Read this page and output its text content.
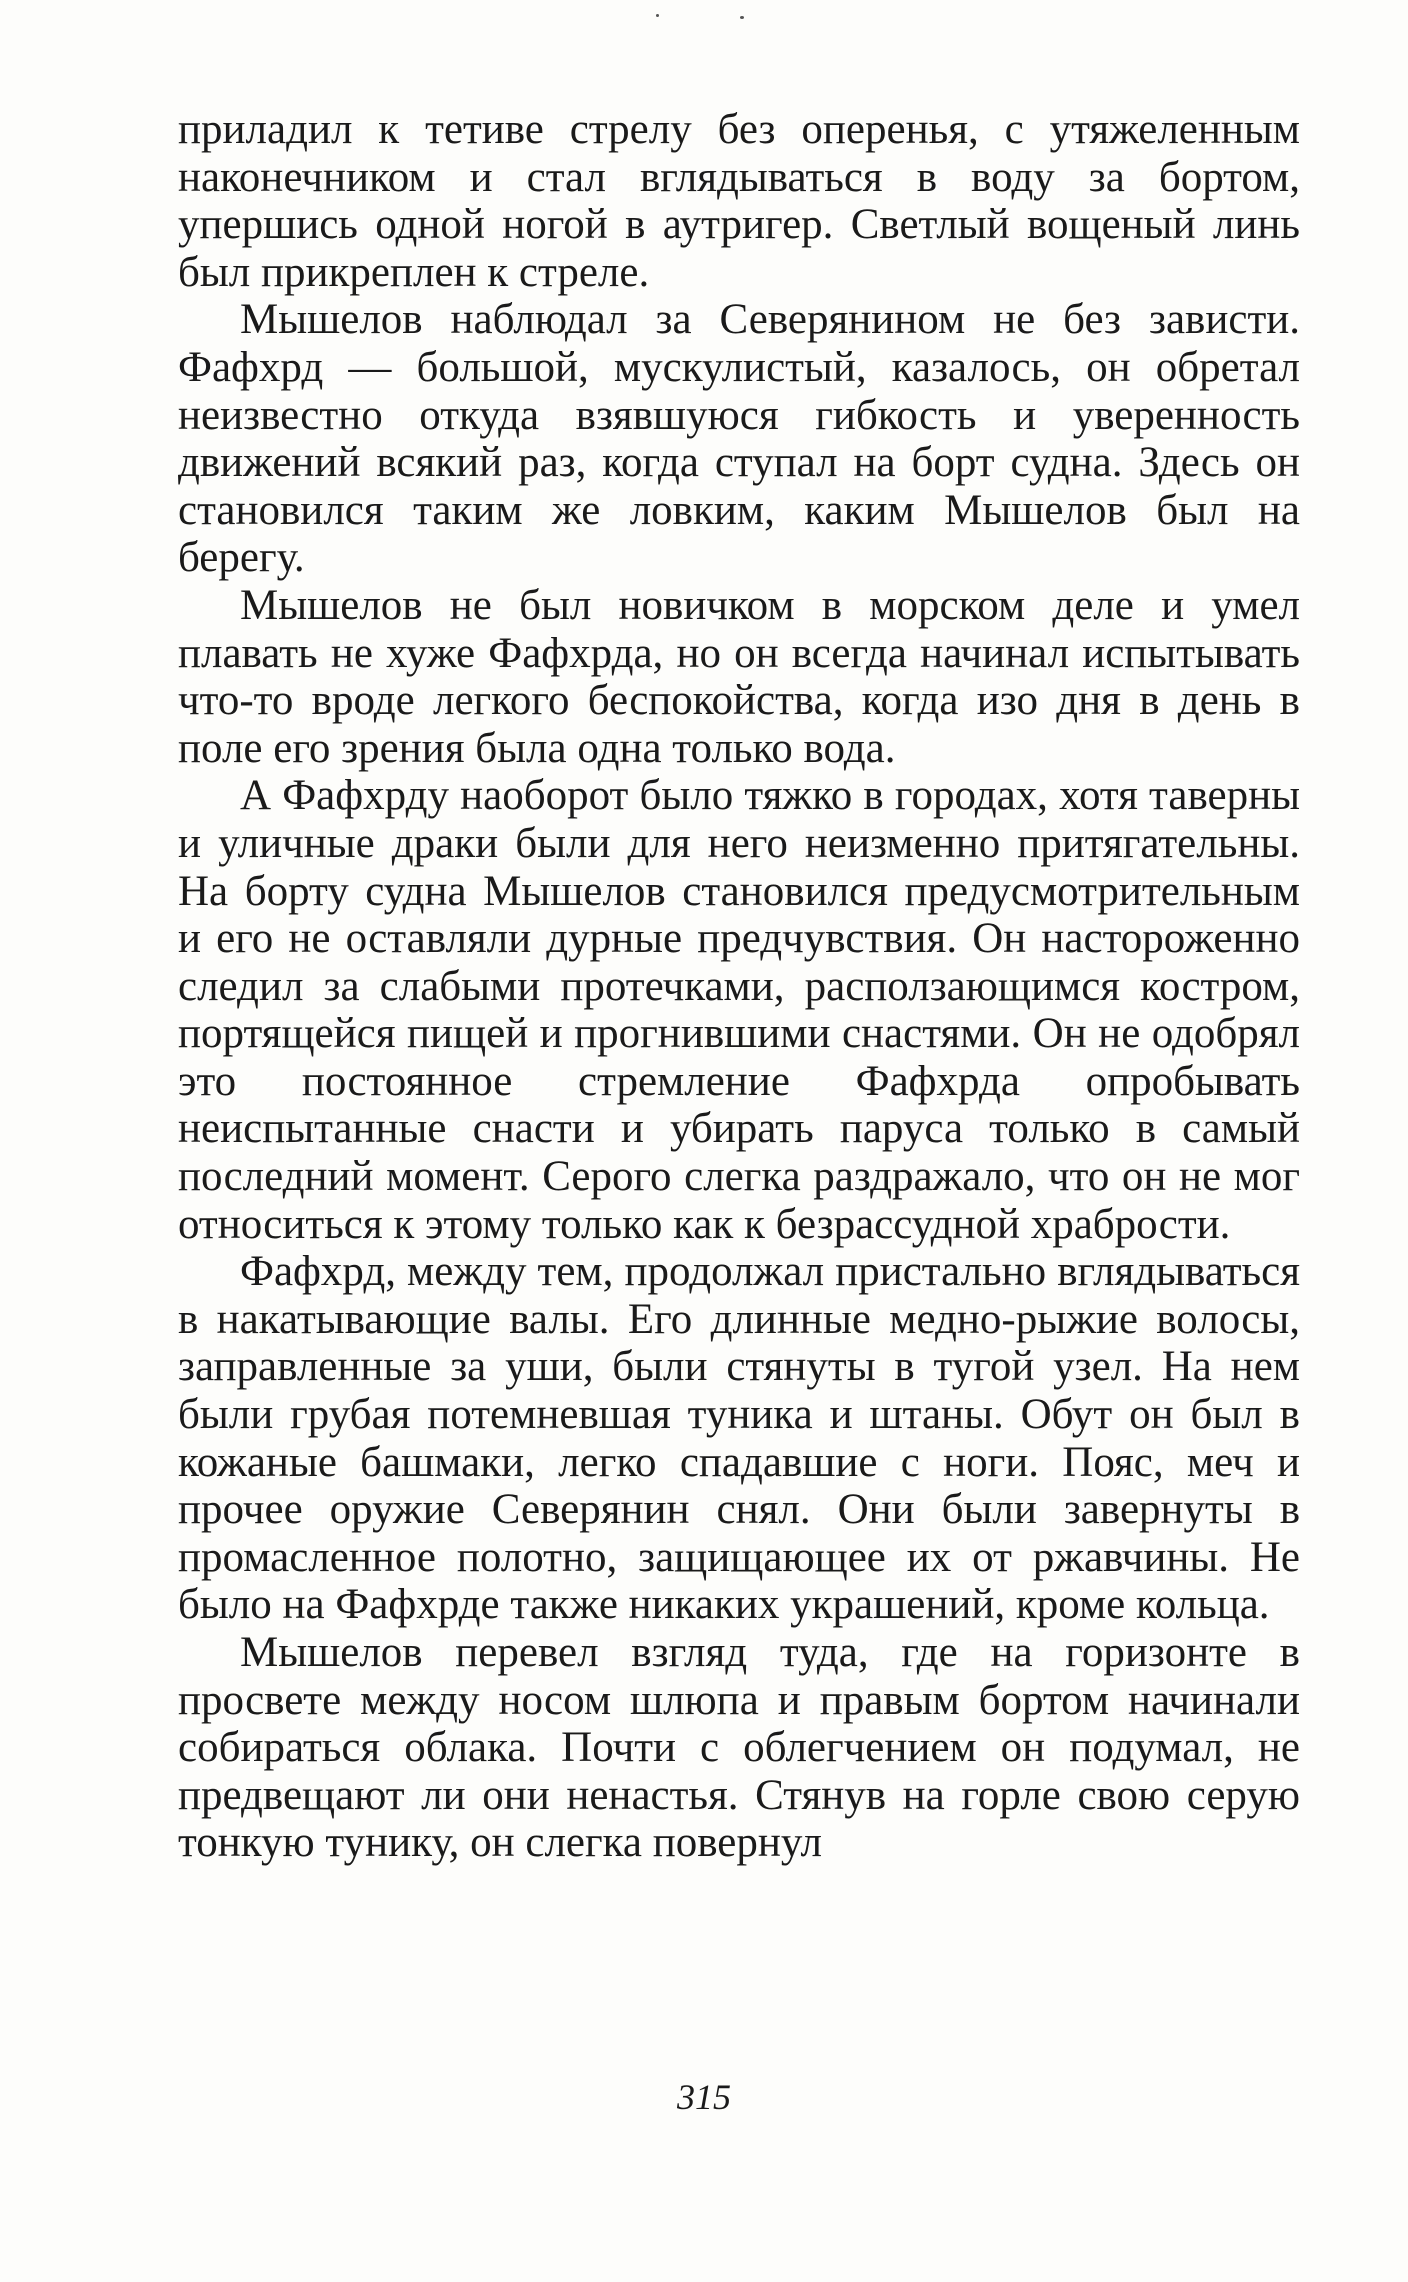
приладил к тетиве стрелу без оперенья, с утяжеленным наконечником и стал вглядываться в воду за бортом, упершись одной ногой в аутригер. Светлый вощеный линь был прикреплен к стреле.

Мышелов наблюдал за Северянином не без зависти. Фафхрд — большой, мускулистый, казалось, он обретал неизвестно откуда взявшуюся гибкость и уверенность движений всякий раз, когда ступал на борт судна. Здесь он становился таким же ловким, каким Мышелов был на берегу.

Мышелов не был новичком в морском деле и умел плавать не хуже Фафхрда, но он всегда начинал испытывать что-то вроде легкого беспокойства, когда изо дня в день в поле его зрения была одна только вода.

А Фафхрду наоборот было тяжко в городах, хотя таверны и уличные драки были для него неизменно притягательны. На борту судна Мышелов становился предусмотрительным и его не оставляли дурные предчувствия. Он настороженно следил за слабыми протечками, расползающимся костром, портящейся пищей и прогнившими снастями. Он не одобрял это постоянное стремление Фафхрда опробывать неиспытанные снасти и убирать паруса только в самый последний момент. Серого слегка раздражало, что он не мог относиться к этому только как к безрассудной храбрости.

Фафхрд, между тем, продолжал пристально вглядываться в накатывающие валы. Его длинные медно-рыжие волосы, заправленные за уши, были стянуты в тугой узел. На нем были грубая потемневшая туника и штаны. Обут он был в кожаные башмаки, легко спадавшие с ноги. Пояс, меч и прочее оружие Северянин снял. Они были завернуты в промасленное полотно, защищающее их от ржавчины. Не было на Фафхрде также никаких украшений, кроме кольца.

Мышелов перевел взгляд туда, где на горизонте в просвете между носом шлюпа и правым бортом начинали собираться облака. Почти с облегчением он подумал, не предвещают ли они ненастья. Стянув на горле свою серую тонкую тунику, он слегка повернул

315
